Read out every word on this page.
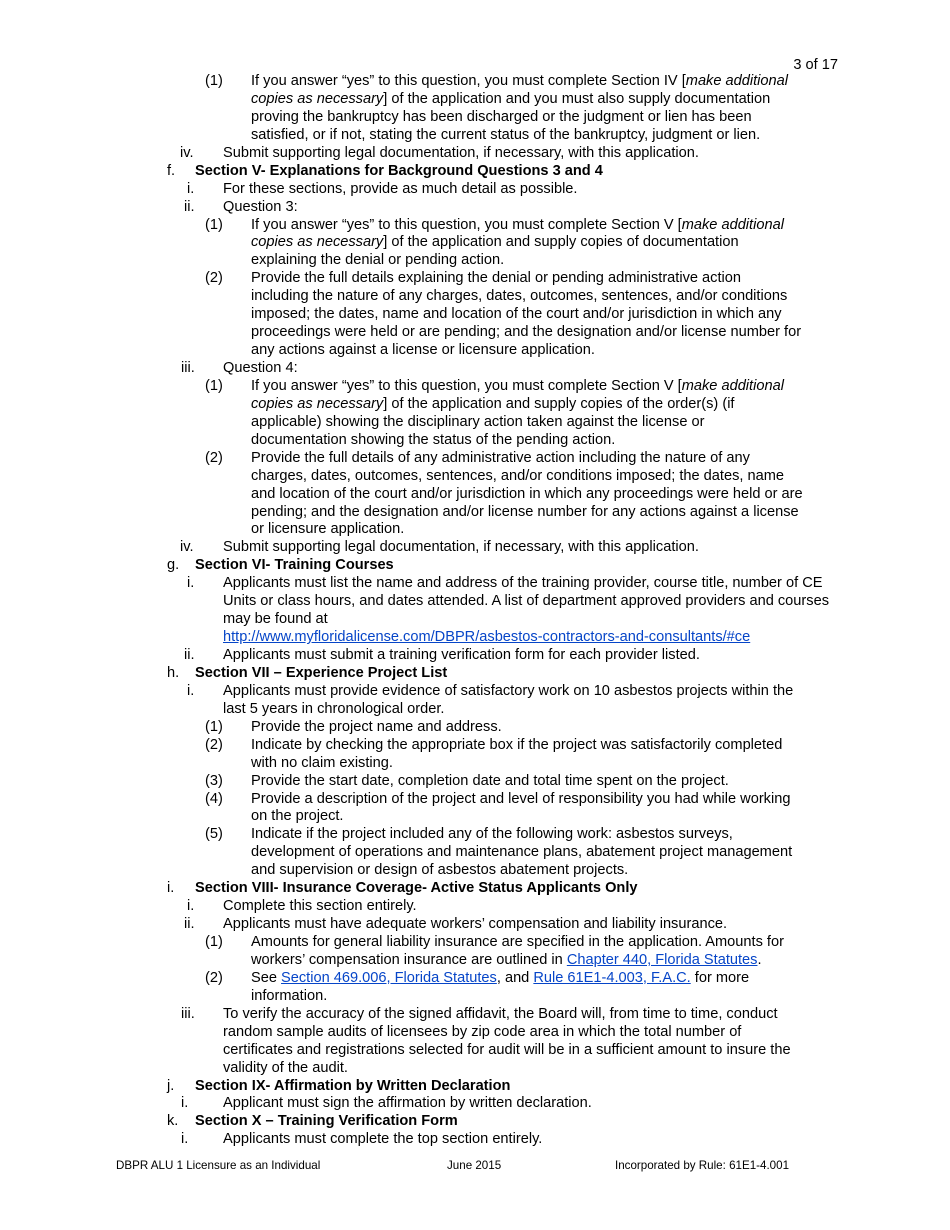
3 of 17
(1) If you answer “yes” to this question, you must complete Section IV [make additional
copies as necessary] of the application and you must also supply documentation
proving the bankruptcy has been discharged or the judgment or lien has been
satisfied, or if not, stating the current status of the bankruptcy, judgment or lien.
iv. Submit supporting legal documentation, if necessary, with this application.
f. Section V- Explanations for Background Questions 3 and 4
i. For these sections, provide as much detail as possible.
ii. Question 3:
(1) If you answer “yes” to this question, you must complete Section V [make additional
copies as necessary] of the application and supply copies of documentation
explaining the denial or pending action.
(2) Provide the full details explaining the denial or pending administrative action
including the nature of any charges, dates, outcomes, sentences, and/or conditions
imposed; the dates, name and location of the court and/or jurisdiction in which any
proceedings were held or are pending; and the designation and/or license number for
any actions against a license or licensure application.
iii. Question 4:
(1) If you answer “yes” to this question, you must complete Section V [make additional
copies as necessary] of the application and supply copies of the order(s) (if
applicable) showing the disciplinary action taken against the license or
documentation showing the status of the pending action.
(2) Provide the full details of any administrative action including the nature of any
charges, dates, outcomes, sentences, and/or conditions imposed; the dates, name
and location of the court and/or jurisdiction in which any proceedings were held or are
pending; and the designation and/or license number for any actions against a license
or licensure application.
iv. Submit supporting legal documentation, if necessary, with this application.
g. Section VI- Training Courses
i. Applicants must list the name and address of the training provider, course title, number of CE
Units or class hours, and dates attended. A list of department approved providers and courses
may be found at
http://www.myfloridalicense.com/DBPR/asbestos-contractors-and-consultants/#ce
ii. Applicants must submit a training verification form for each provider listed.
h. Section VII – Experience Project List
i. Applicants must provide evidence of satisfactory work on 10 asbestos projects within the
last 5 years in chronological order.
(1) Provide the project name and address.
(2) Indicate by checking the appropriate box if the project was satisfactorily completed
with no claim existing.
(3) Provide the start date, completion date and total time spent on the project.
(4) Provide a description of the project and level of responsibility you had while working
on the project.
(5) Indicate if the project included any of the following work: asbestos surveys,
development of operations and maintenance plans, abatement project management
and supervision or design of asbestos abatement projects.
i. Section VIII- Insurance Coverage- Active Status Applicants Only
i. Complete this section entirely.
ii. Applicants must have adequate workers’ compensation and liability insurance.
(1) Amounts for general liability insurance are specified in the application. Amounts for
workers’ compensation insurance are outlined in Chapter 440, Florida Statutes.
(2) See Section 469.006, Florida Statutes, and Rule 61E1-4.003, F.A.C. for more
information.
iii. To verify the accuracy of the signed affidavit, the Board will, from time to time, conduct
random sample audits of licensees by zip code area in which the total number of
certificates and registrations selected for audit will be in a sufficient amount to insure the
validity of the audit.
j. Section IX- Affirmation by Written Declaration
i. Applicant must sign the affirmation by written declaration.
k. Section X – Training Verification Form
i. Applicants must complete the top section entirely.
DBPR ALU 1 Licensure as an Individual	June 2015	Incorporated by Rule: 61E1-4.001
